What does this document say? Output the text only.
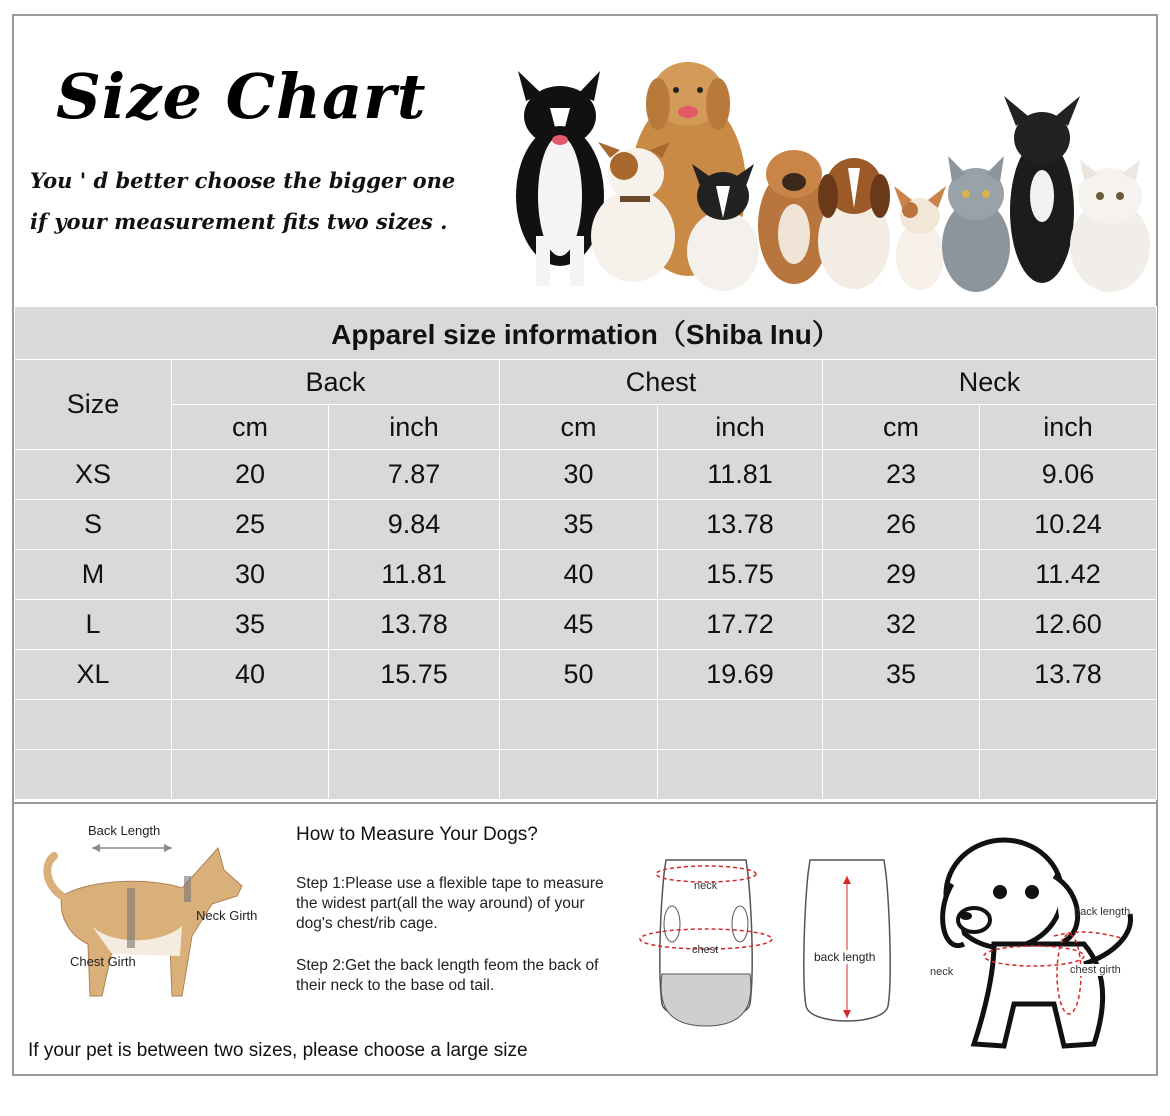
Size Chart
You ' d better choose the bigger one
if your measurement fits two sizes .
Apparel size information（Shiba Inu）						
Size	Back		Chest		Neck	
	cm	inch	cm	inch	cm	inch
XS	20	7.87	30	11.81	23	9.06
S	25	9.84	35	13.78	26	10.24
M	30	11.81	40	15.75	29	11.42
L	35	13.78	45	17.72	32	12.60
XL	40	15.75	50	19.69	35	13.78

Back Length
Neck Girth
Chest Girth
How to Measure Your Dogs?
Step 1:Please use a flexible tape to measure the widest part(all the way around) of your dog's chest/rib cage.
Step 2:Get the back length feom the back of their neck to the base od tail.
neck
chest	back length
back length
neck	chest girth
If your pet is between two sizes, please choose a large size
